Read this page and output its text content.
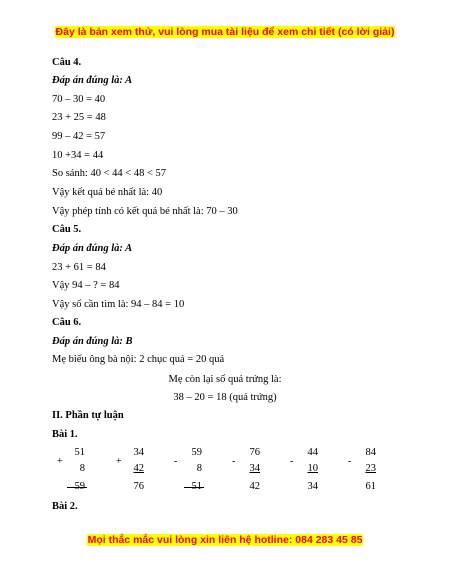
Đây là bản xem thử, vui lòng mua tài liệu để xem chi tiết (có lời giải)
Câu 4.
Đáp án đúng là: A
70 – 30 = 40
23 + 25 = 48
99 – 42 = 57
10 +34 = 44
So sánh: 40 < 44 < 48 < 57
Vậy kết quả bé nhất là: 40
Vậy phép tính có kết quả bé nhất là: 70 – 30
Câu 5.
Đáp án đúng là: A
23 + 61 = 84
Vậy 94 – ? = 84
Vậy số cần tìm là: 94 – 84 = 10
Câu 6.
Đáp án đúng là: B
Mẹ biếu ông bà nội: 2 chục quả = 20 quả
Mẹ còn lại số quả trứng là:
38 – 20 = 18 (quả trứng)
II. Phần tự luận
Bài 1.
+
51
8
59
+
34
42
76
-
59
8
51
-
76
34
42
-
44
10
34
-
84
23
61
Bài 2.
Mọi thắc mắc vui lòng xin liên hệ hotline: 084 283 45 85
